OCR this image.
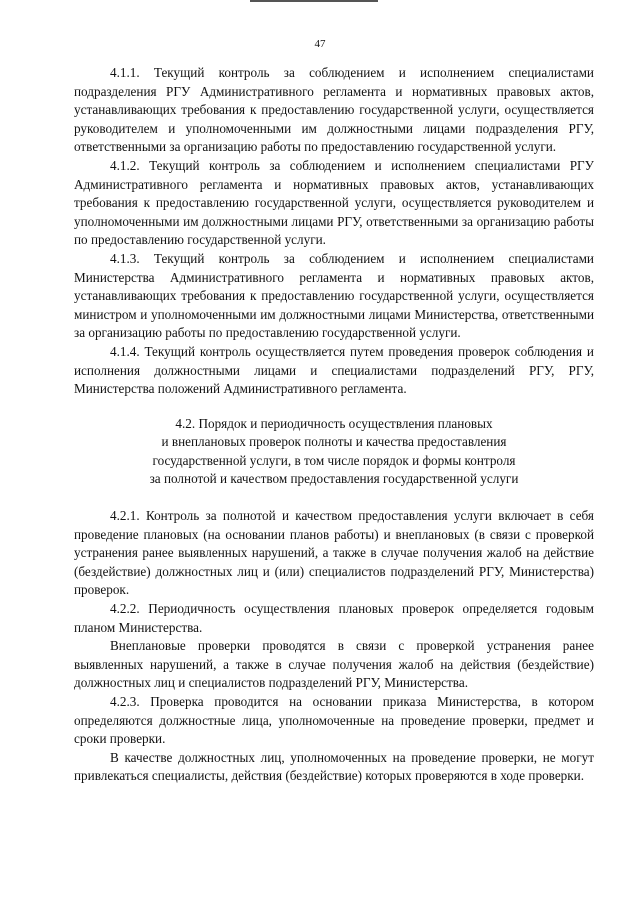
47

4.1.1. Текущий контроль за соблюдением и исполнением специалистами подразделения РГУ Административного регламента и нормативных правовых актов, устанавливающих требования к предоставлению государственной услуги, осуществляется руководителем и уполномоченными им должностными лицами подразделения РГУ, ответственными за организацию работы по предоставлению государственной услуги.

4.1.2. Текущий контроль за соблюдением и исполнением специалистами РГУ Административного регламента и нормативных правовых актов, устанавливающих требования к предоставлению государственной услуги, осуществляется руководителем и уполномоченными им должностными лицами РГУ, ответственными за организацию работы по предоставлению государственной услуги.

4.1.3. Текущий контроль за соблюдением и исполнением специалистами Министерства Административного регламента и нормативных правовых актов, устанавливающих требования к предоставлению государственной услуги, осуществляется министром и уполномоченными им должностными лицами Министерства, ответственными за организацию работы по предоставлению государственной услуги.

4.1.4. Текущий контроль осуществляется путем проведения проверок соблюдения и исполнения должностными лицами и специалистами подразделений РГУ, РГУ, Министерства положений Административного регламента.

4.2. Порядок и периодичность осуществления плановых
и внеплановых проверок полноты и качества предоставления
государственной услуги, в том числе порядок и формы контроля
за полнотой и качеством предоставления государственной услуги

4.2.1. Контроль за полнотой и качеством предоставления услуги включает в себя проведение плановых (на основании планов работы) и внеплановых (в связи с проверкой устранения ранее выявленных нарушений, а также в случае получения жалоб на действие (бездействие) должностных лиц и (или) специалистов подразделений РГУ, Министерства) проверок.

4.2.2. Периодичность осуществления плановых проверок определяется годовым планом Министерства.

Внеплановые проверки проводятся в связи с проверкой устранения ранее выявленных нарушений, а также в случае получения жалоб на действия (бездействие) должностных лиц и специалистов подразделений РГУ, Министерства.

4.2.3. Проверка проводится на основании приказа Министерства, в котором определяются должностные лица, уполномоченные на проведение проверки, предмет и сроки проверки.

В качестве должностных лиц, уполномоченных на проведение проверки, не могут привлекаться специалисты, действия (бездействие) которых проверяются в ходе проверки.
